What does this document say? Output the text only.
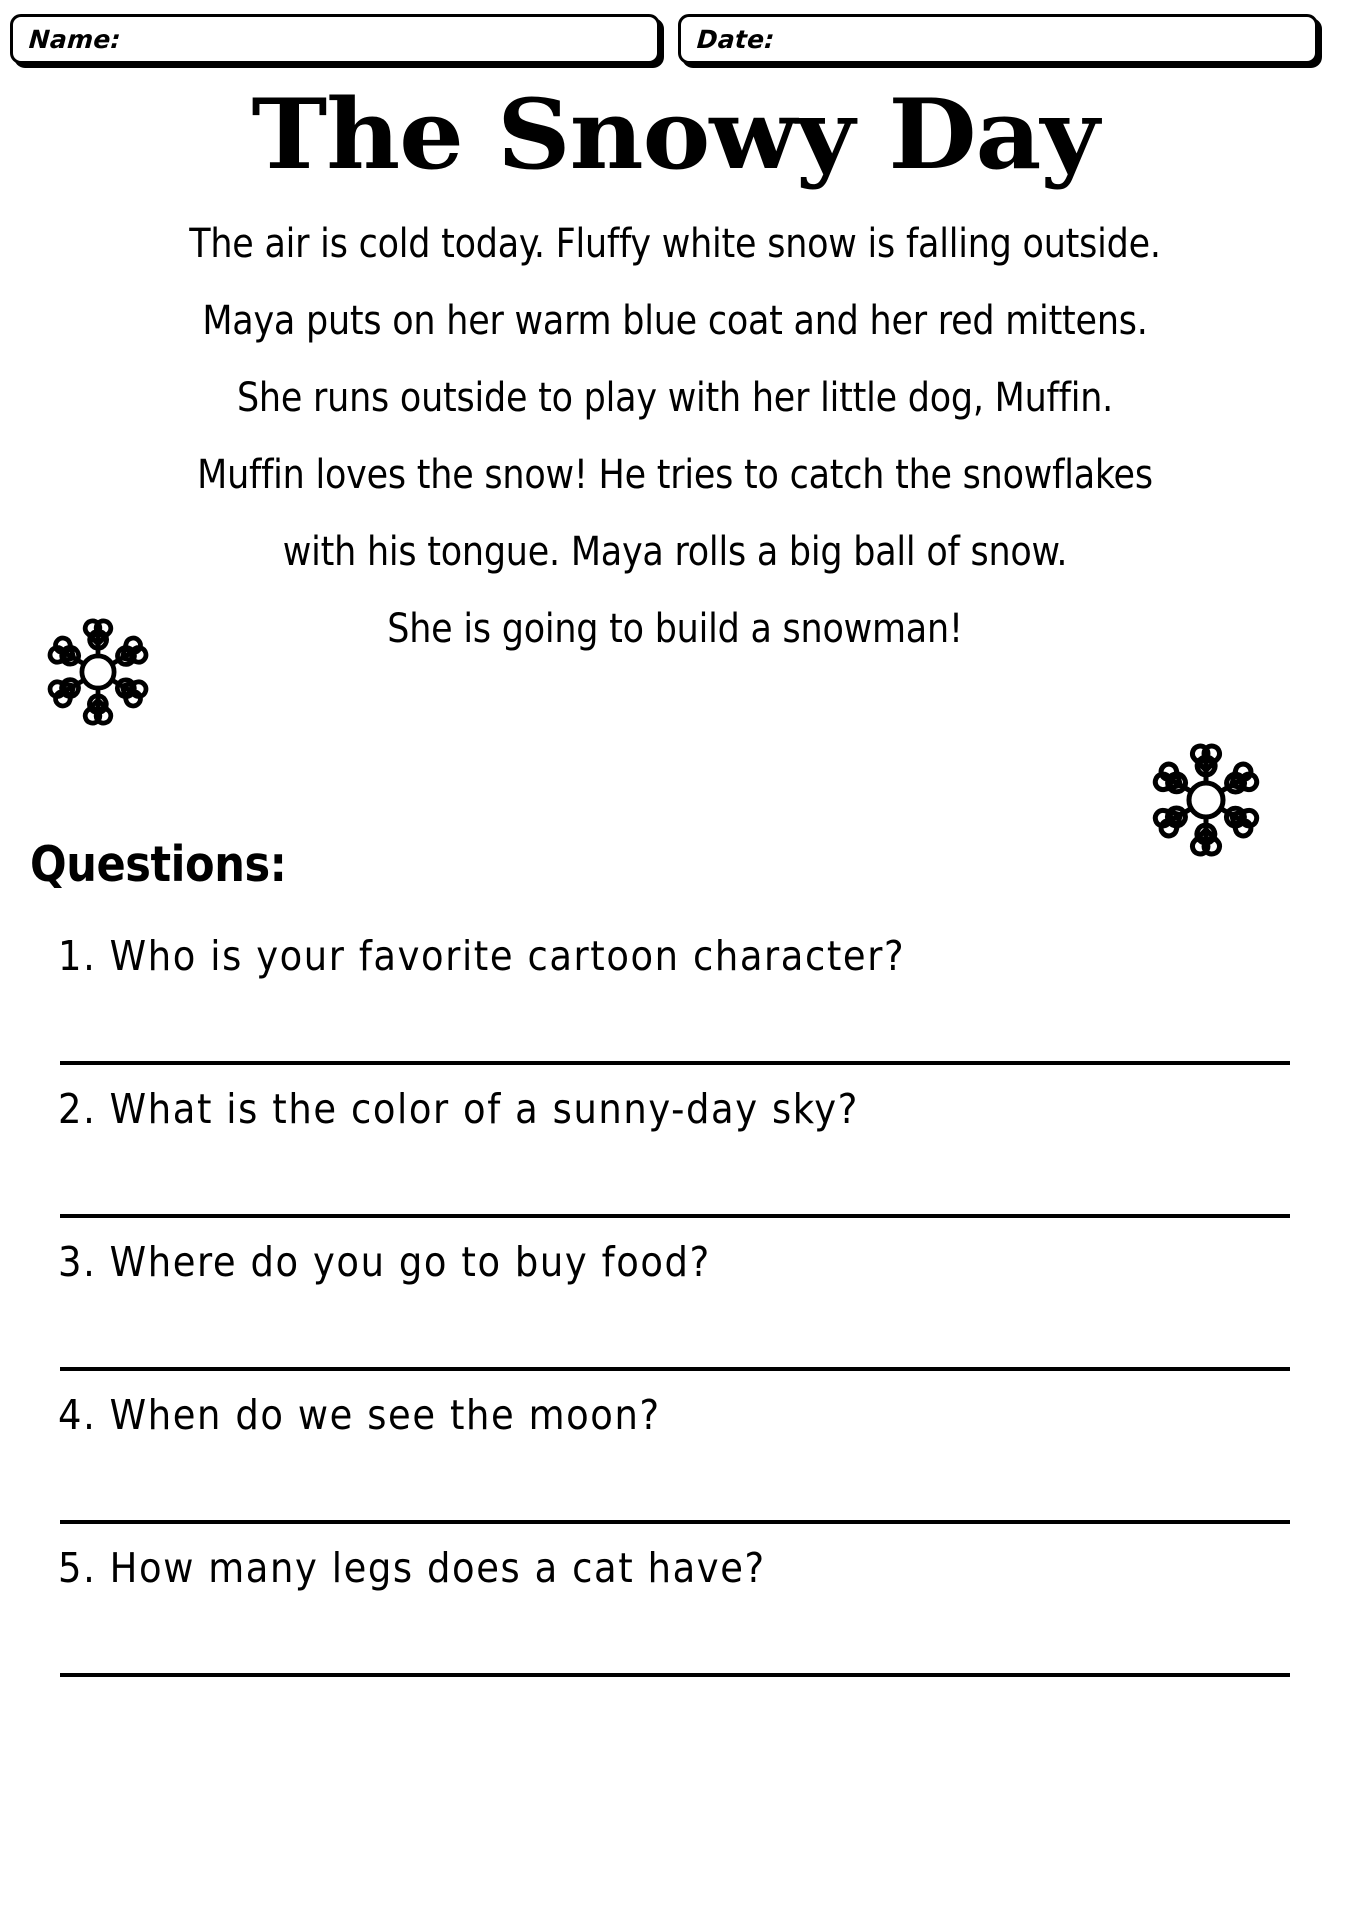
Name:	Date:
The Snowy Day
The air is cold today. Fluffy white snow is falling outside.
Maya puts on her warm blue coat and her red mittens.
She runs outside to play with her little dog, Muffin.
Muffin loves the snow! He tries to catch the snowflakes
with his tongue. Maya rolls a big ball of snow.
She is going to build a snowman!
Questions:
1. Who is your favorite cartoon character?
2. What is the color of a sunny-day sky?
3. Where do you go to buy food?
4. When do we see the moon?
5. How many legs does a cat have?
